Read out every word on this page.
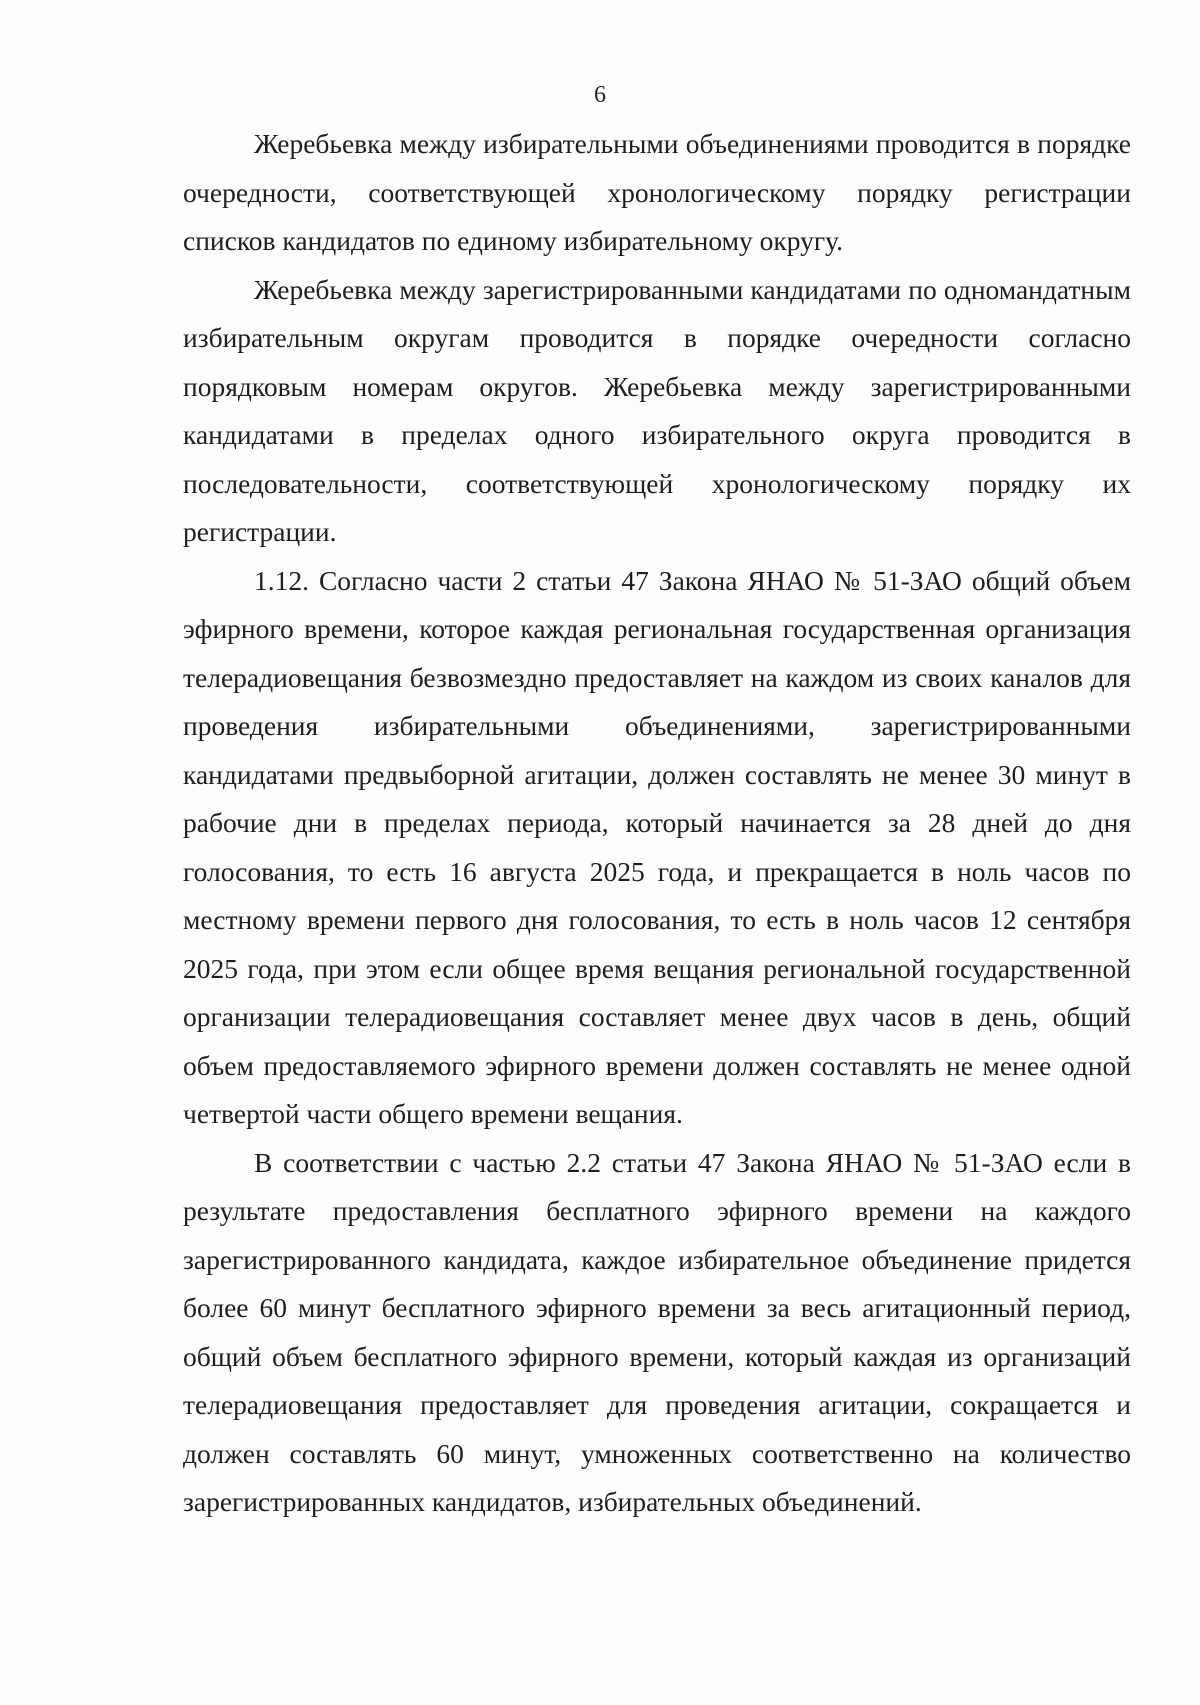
6

Жеребьевка между избирательными объединениями проводится в порядке очередности, соответствующей хронологическому порядку регистрации списков кандидатов по единому избирательному округу.

Жеребьевка между зарегистрированными кандидатами по одномандатным избирательным округам проводится в порядке очередности согласно порядковым номерам округов. Жеребьевка между зарегистрированными кандидатами в пределах одного избирательного округа проводится в последовательности, соответствующей хронологическому порядку их регистрации.

1.12. Согласно части 2 статьи 47 Закона ЯНАО № 51-ЗАО общий объем эфирного времени, которое каждая региональная государственная организация телерадиовещания безвозмездно предоставляет на каждом из своих каналов для проведения избирательными объединениями, зарегистрированными кандидатами предвыборной агитации, должен составлять не менее 30 минут в рабочие дни в пределах периода, который начинается за 28 дней до дня голосования, то есть 16 августа 2025 года, и прекращается в ноль часов по местному времени первого дня голосования, то есть в ноль часов 12 сентября 2025 года, при этом если общее время вещания региональной государственной организации телерадиовещания составляет менее двух часов в день, общий объем предоставляемого эфирного времени должен составлять не менее одной четвертой части общего времени вещания.

В соответствии с частью 2.2 статьи 47 Закона ЯНАО № 51-ЗАО если в результате предоставления бесплатного эфирного времени на каждого зарегистрированного кандидата, каждое избирательное объединение придется более 60 минут бесплатного эфирного времени за весь агитационный период, общий объем бесплатного эфирного времени, который каждая из организаций телерадиовещания предоставляет для проведения агитации, сокращается и должен составлять 60 минут, умноженных соответственно на количество зарегистрированных кандидатов, избирательных объединений.
